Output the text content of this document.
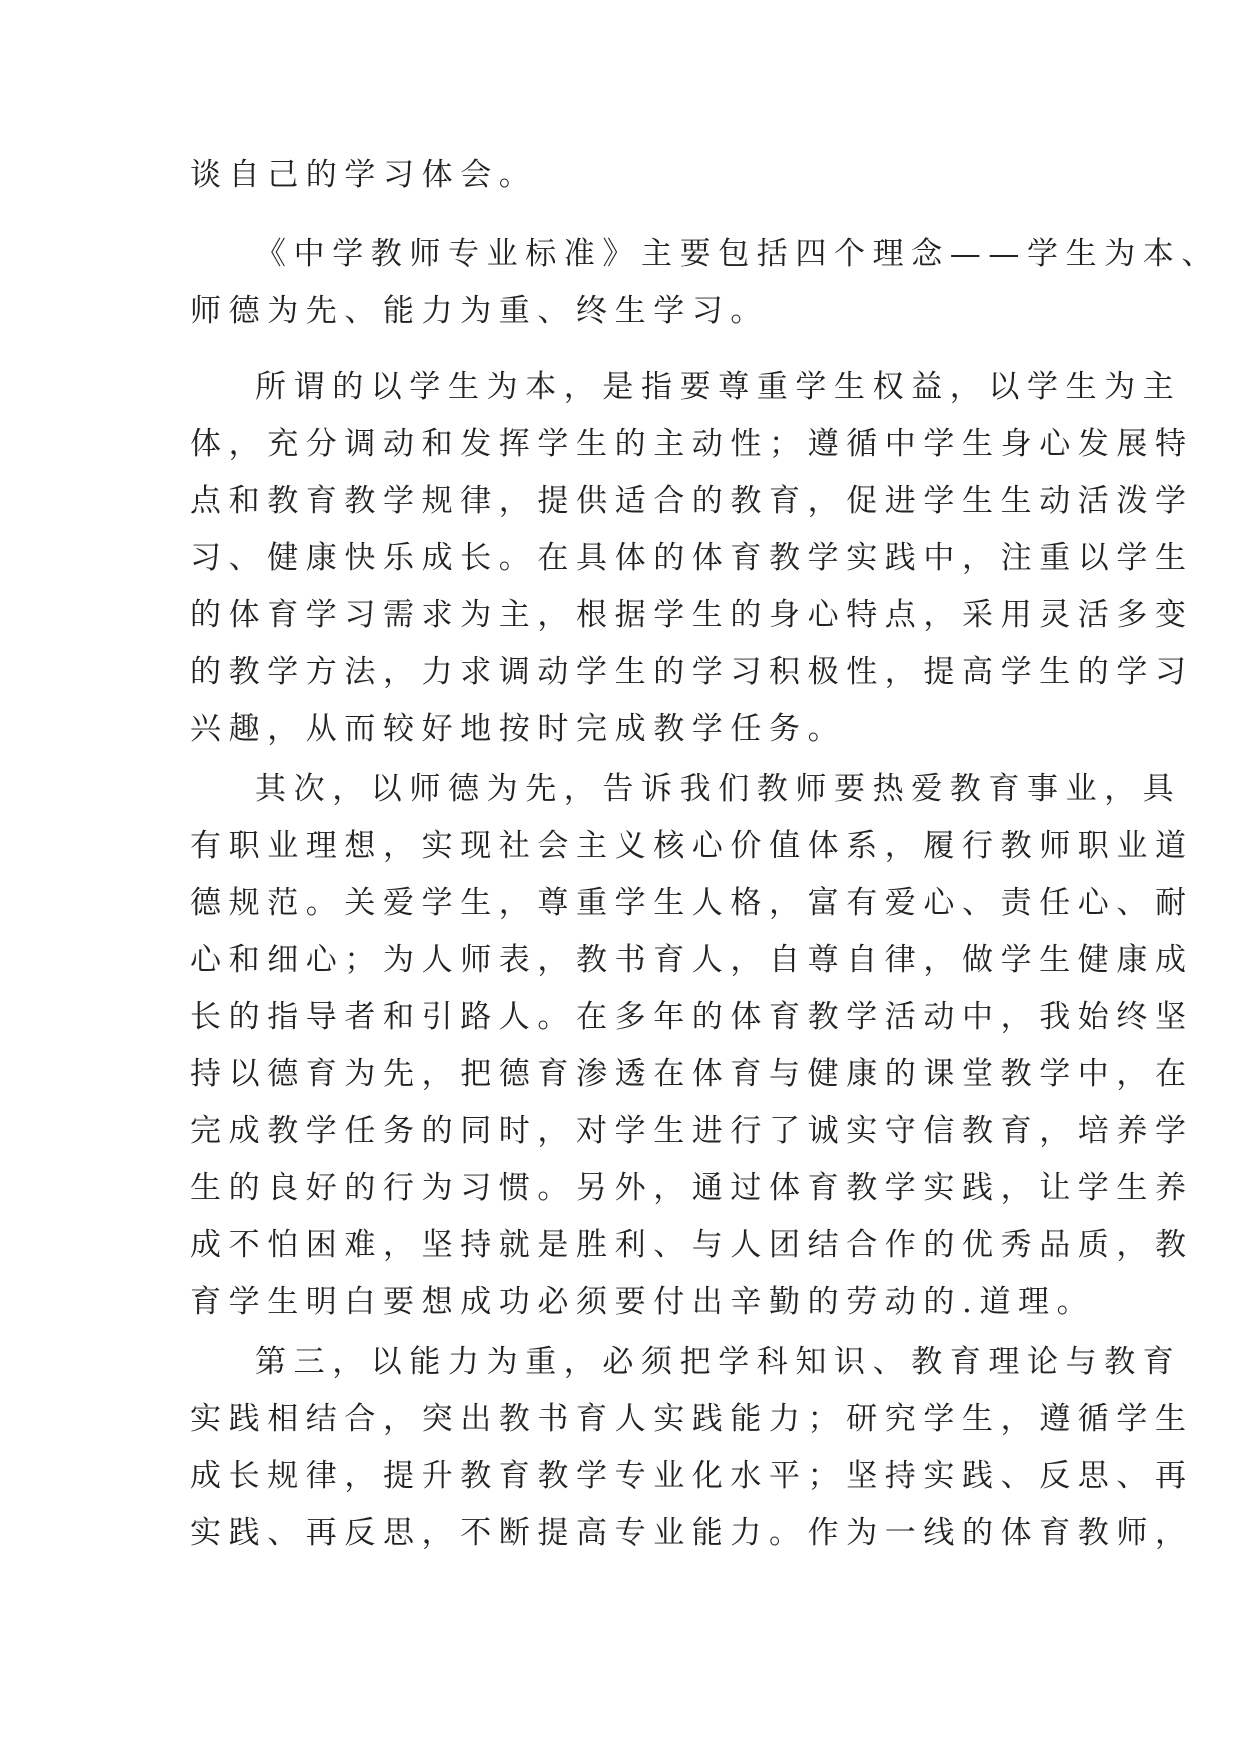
谈自己的学习体会。
《中学教师专业标准》主要包括四个理念——学生为本、
师德为先、能力为重、终生学习。
所谓的以学生为本，是指要尊重学生权益，以学生为主
体，充分调动和发挥学生的主动性；遵循中学生身心发展特
点和教育教学规律，提供适合的教育，促进学生生动活泼学
习、健康快乐成长。在具体的体育教学实践中，注重以学生
的体育学习需求为主，根据学生的身心特点，采用灵活多变
的教学方法，力求调动学生的学习积极性，提高学生的学习
兴趣，从而较好地按时完成教学任务。
其次，以师德为先，告诉我们教师要热爱教育事业，具
有职业理想，实现社会主义核心价值体系，履行教师职业道
德规范。关爱学生，尊重学生人格，富有爱心、责任心、耐
心和细心；为人师表，教书育人，自尊自律，做学生健康成
长的指导者和引路人。在多年的体育教学活动中，我始终坚
持以德育为先，把德育渗透在体育与健康的课堂教学中，在
完成教学任务的同时，对学生进行了诚实守信教育，培养学
生的良好的行为习惯。另外，通过体育教学实践，让学生养
成不怕困难，坚持就是胜利、与人团结合作的优秀品质，教
育学生明白要想成功必须要付出辛勤的劳动的.道理。
第三，以能力为重，必须把学科知识、教育理论与教育
实践相结合，突出教书育人实践能力；研究学生，遵循学生
成长规律，提升教育教学专业化水平；坚持实践、反思、再
实践、再反思，不断提高专业能力。作为一线的体育教师，
